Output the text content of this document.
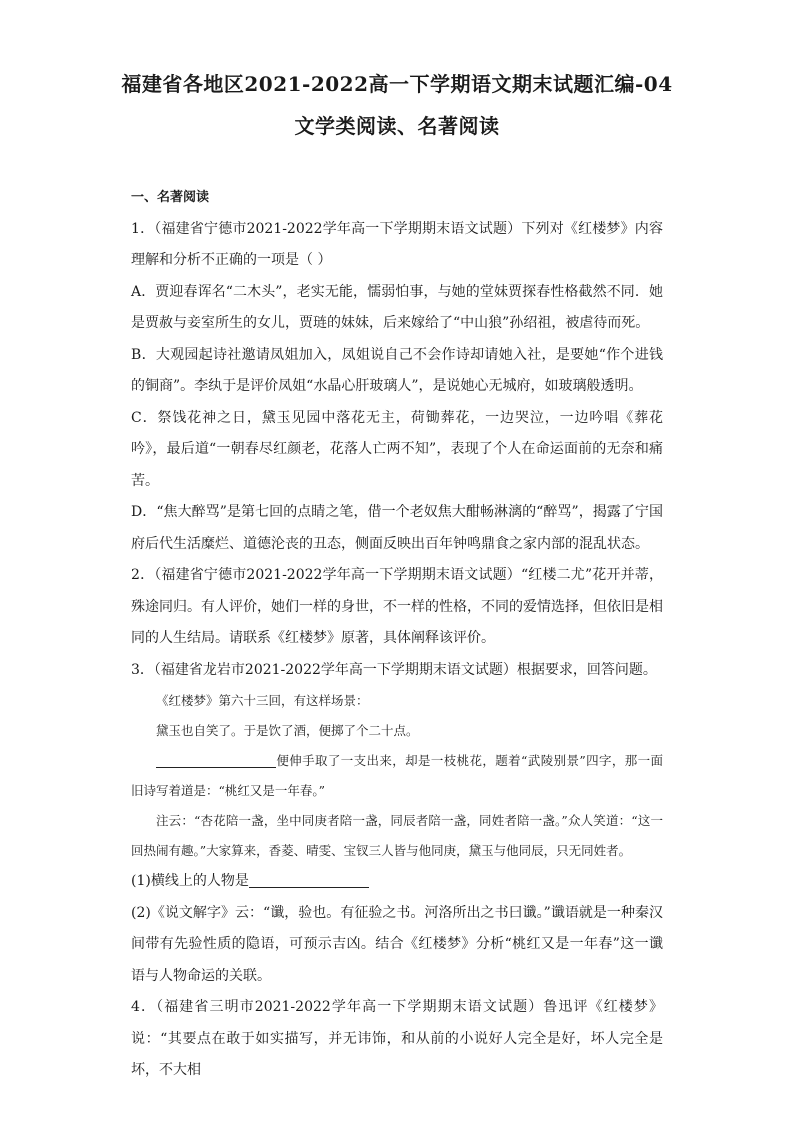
福建省各地区2021-2022高一下学期语文期末试题汇编-04
文学类阅读、名著阅读

一、名著阅读

1．（福建省宁德市2021-2022学年高一下学期期末语文试题）下列对《红楼梦》内容理解和分析不正确的一项是（ ）

A．贾迎春诨名“二木头”，老实无能，懦弱怕事，与她的堂妹贾探春性格截然不同．她是贾赦与妾室所生的女儿，贾琏的妹妹，后来嫁给了“中山狼”孙绍祖，被虐待而死。

B．大观园起诗社邀请凤姐加入，凤姐说自己不会作诗却请她入社，是要她“作个进钱的铜商”。李纨于是评价凤姐“水晶心肝玻璃人”，是说她心无城府，如玻璃般透明。

C．祭饯花神之日，黛玉见园中落花无主，荷锄葬花，一边哭泣，一边吟唱《葬花吟》，最后道“一朝春尽红颜老，花落人亡两不知”，表现了个人在命运面前的无奈和痛苦。

D．“焦大醉骂”是第七回的点睛之笔，借一个老奴焦大酣畅淋漓的“醉骂”，揭露了宁国府后代生活糜烂、道德沦丧的丑态，侧面反映出百年钟鸣鼎食之家内部的混乱状态。

2．（福建省宁德市2021-2022学年高一下学期期末语文试题）“红楼二尤”花开并蒂，殊途同归。有人评价，她们一样的身世，不一样的性格，不同的爱情选择，但依旧是相同的人生结局。请联系《红楼梦》原著，具体阐释该评价。

3．（福建省龙岩市2021-2022学年高一下学期期末语文试题）根据要求，回答问题。

《红楼梦》第六十三回，有这样场景：

黛玉也自笑了。于是饮了酒，便掷了个二十点。

便伸手取了一支出来，却是一枝桃花，题着“武陵别景”四字，那一面旧诗写着道是：“桃红又是一年春。”

注云：“杏花陪一盏，坐中同庚者陪一盏，同辰者陪一盏，同姓者陪一盏。”众人笑道：“这一回热闹有趣。”大家算来，香菱、晴雯、宝钗三人皆与他同庚，黛玉与他同辰，只无同姓者。

(1)横线上的人物是

(2)《说文解字》云：“谶，验也。有征验之书。河洛所出之书曰谶。”谶语就是一种秦汉间带有先验性质的隐语，可预示吉凶。结合《红楼梦》分析“桃红又是一年春”这一谶语与人物命运的关联。

4．（福建省三明市2021-2022学年高一下学期期末语文试题）鲁迅评《红楼梦》说：“其要点在敢于如实描写，并无讳饰，和从前的小说好人完全是好，坏人完全是坏，不大相
